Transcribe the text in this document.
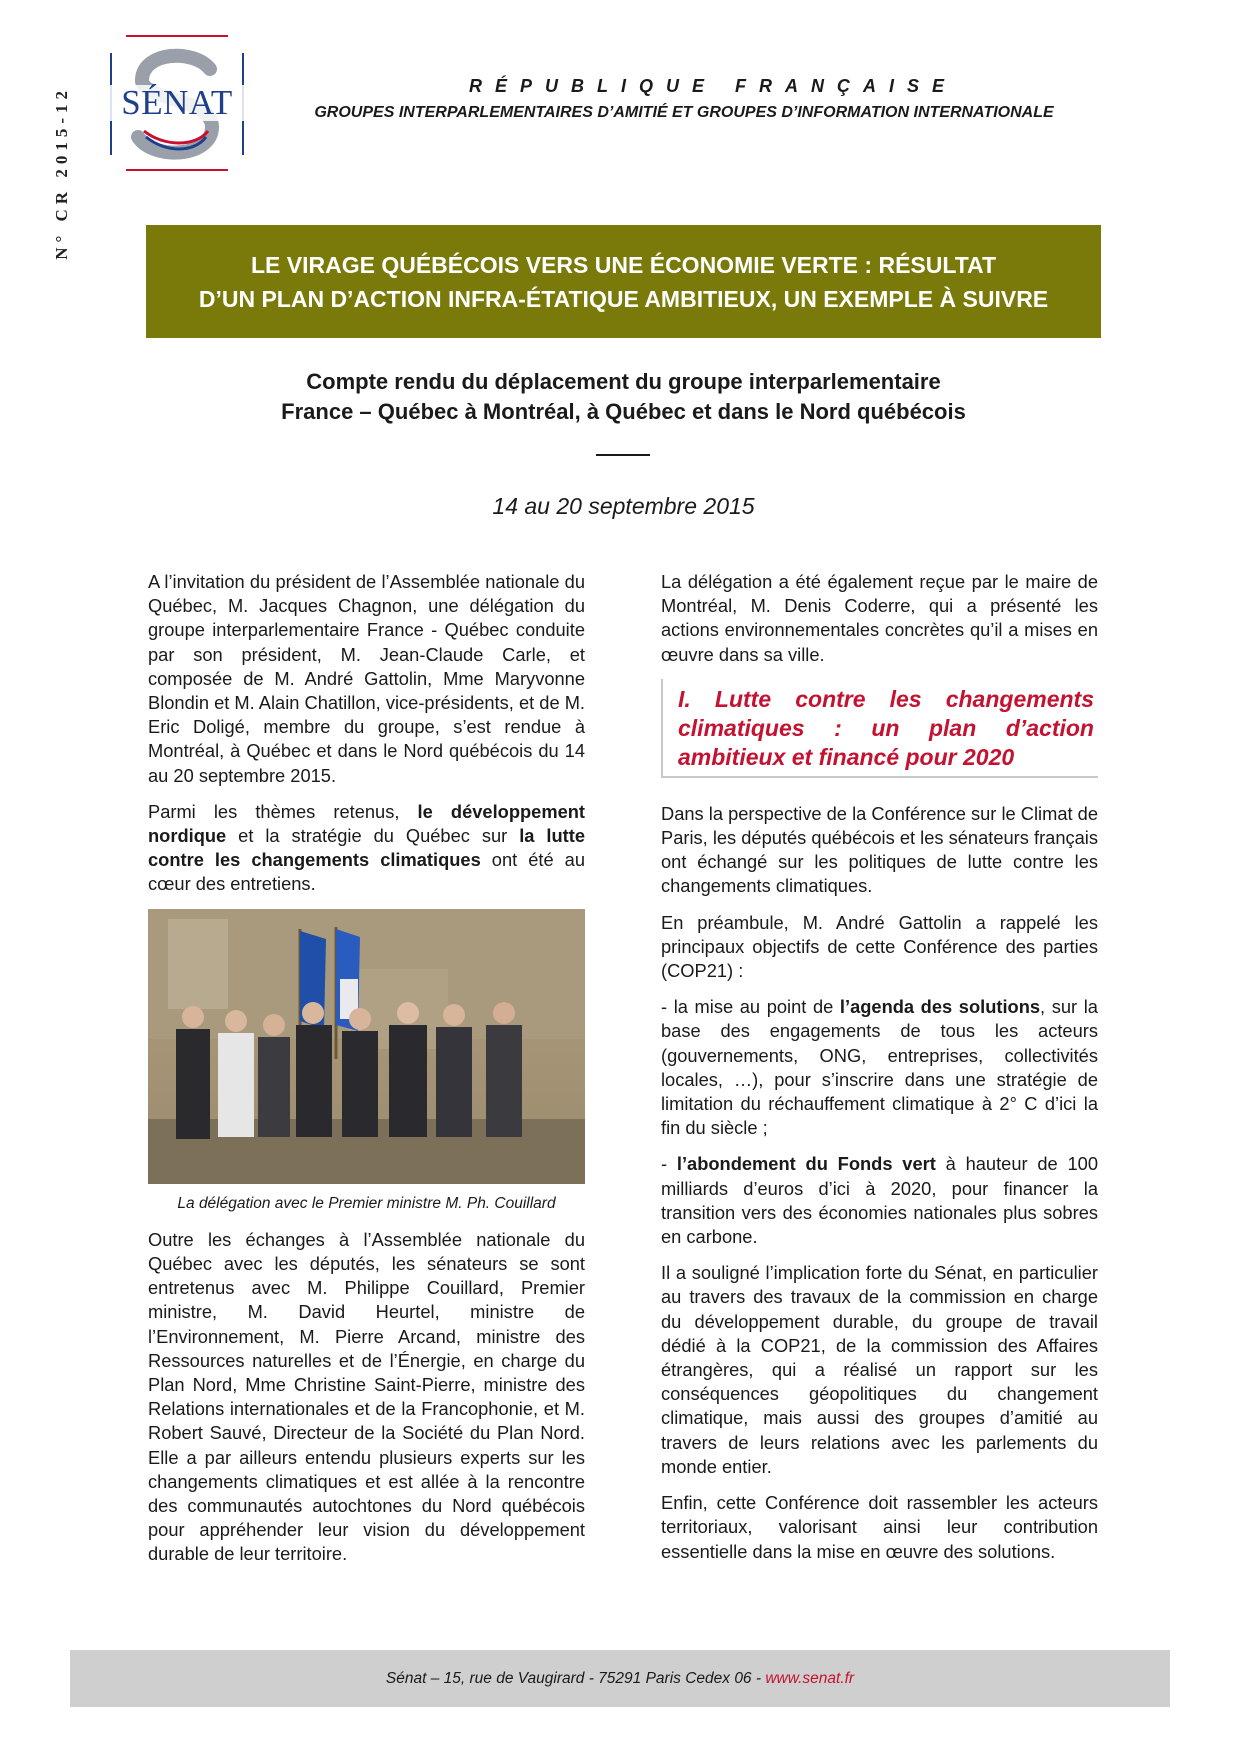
N° CR 2015-12	SÉNAT	RÉPUBLIQUE FRANÇAISE
GROUPES INTERPARLEMENTAIRES D’AMITIÉ ET GROUPES D’INFORMATION INTERNATIONALE
LE VIRAGE QUÉBÉCOIS VERS UNE ÉCONOMIE VERTE : RÉSULTAT
D’UN PLAN D’ACTION INFRA-ÉTATIQUE AMBITIEUX, UN EXEMPLE À SUIVRE
Compte rendu du déplacement du groupe interparlementaire
France – Québec à Montréal, à Québec et dans le Nord québécois
14 au 20 septembre 2015

A l’invitation du président de l’Assemblée nationale du Québec, M. Jacques Chagnon, une délégation du groupe interparlementaire France - Québec conduite par son président, M. Jean-Claude Carle, et composée de M. André Gattolin, Mme Maryvonne Blondin et M. Alain Chatillon, vice-présidents, et de M. Eric Doligé, membre du groupe, s’est rendue à Montréal, à Québec et dans le Nord québécois du 14 au 20 septembre 2015.

Parmi les thèmes retenus, le développement nordique et la stratégie du Québec sur la lutte contre les changements climatiques ont été au cœur des entretiens.

La délégation avec le Premier ministre M. Ph. Couillard

Outre les échanges à l’Assemblée nationale du Québec avec les députés, les sénateurs se sont entretenus avec M. Philippe Couillard, Premier ministre, M. David Heurtel, ministre de l’Environnement, M. Pierre Arcand, ministre des Ressources naturelles et de l’Énergie, en charge du Plan Nord, Mme Christine Saint-Pierre, ministre des Relations internationales et de la Francophonie, et M. Robert Sauvé, Directeur de la Société du Plan Nord. Elle a par ailleurs entendu plusieurs experts sur les changements climatiques et est allée à la rencontre des communautés autochtones du Nord québécois pour appréhender leur vision du développement durable de leur territoire.

La délégation a été également reçue par le maire de Montréal, M. Denis Coderre, qui a présenté les actions environnementales concrètes qu’il a mises en œuvre dans sa ville.

I. Lutte contre les changements climatiques : un plan d’action ambitieux et financé pour 2020

Dans la perspective de la Conférence sur le Climat de Paris, les députés québécois et les sénateurs français ont échangé sur les politiques de lutte contre les changements climatiques.

En préambule, M. André Gattolin a rappelé les principaux objectifs de cette Conférence des parties (COP21) :

- la mise au point de l’agenda des solutions, sur la base des engagements de tous les acteurs (gouvernements, ONG, entreprises, collectivités locales, …), pour s’inscrire dans une stratégie de limitation du réchauffement climatique à 2° C d’ici la fin du siècle ;

- l’abondement du Fonds vert à hauteur de 100 milliards d’euros d’ici à 2020, pour financer la transition vers des économies nationales plus sobres en carbone.

Il a souligné l’implication forte du Sénat, en particulier au travers des travaux de la commission en charge du développement durable, du groupe de travail dédié à la COP21, de la commission des Affaires étrangères, qui a réalisé un rapport sur les conséquences géopolitiques du changement climatique, mais aussi des groupes d’amitié au travers de leurs relations avec les parlements du monde entier.

Enfin, cette Conférence doit rassembler les acteurs territoriaux, valorisant ainsi leur contribution essentielle dans la mise en œuvre des solutions.

Sénat – 15, rue de Vaugirard - 75291 Paris Cedex 06 -
www.senat.fr
